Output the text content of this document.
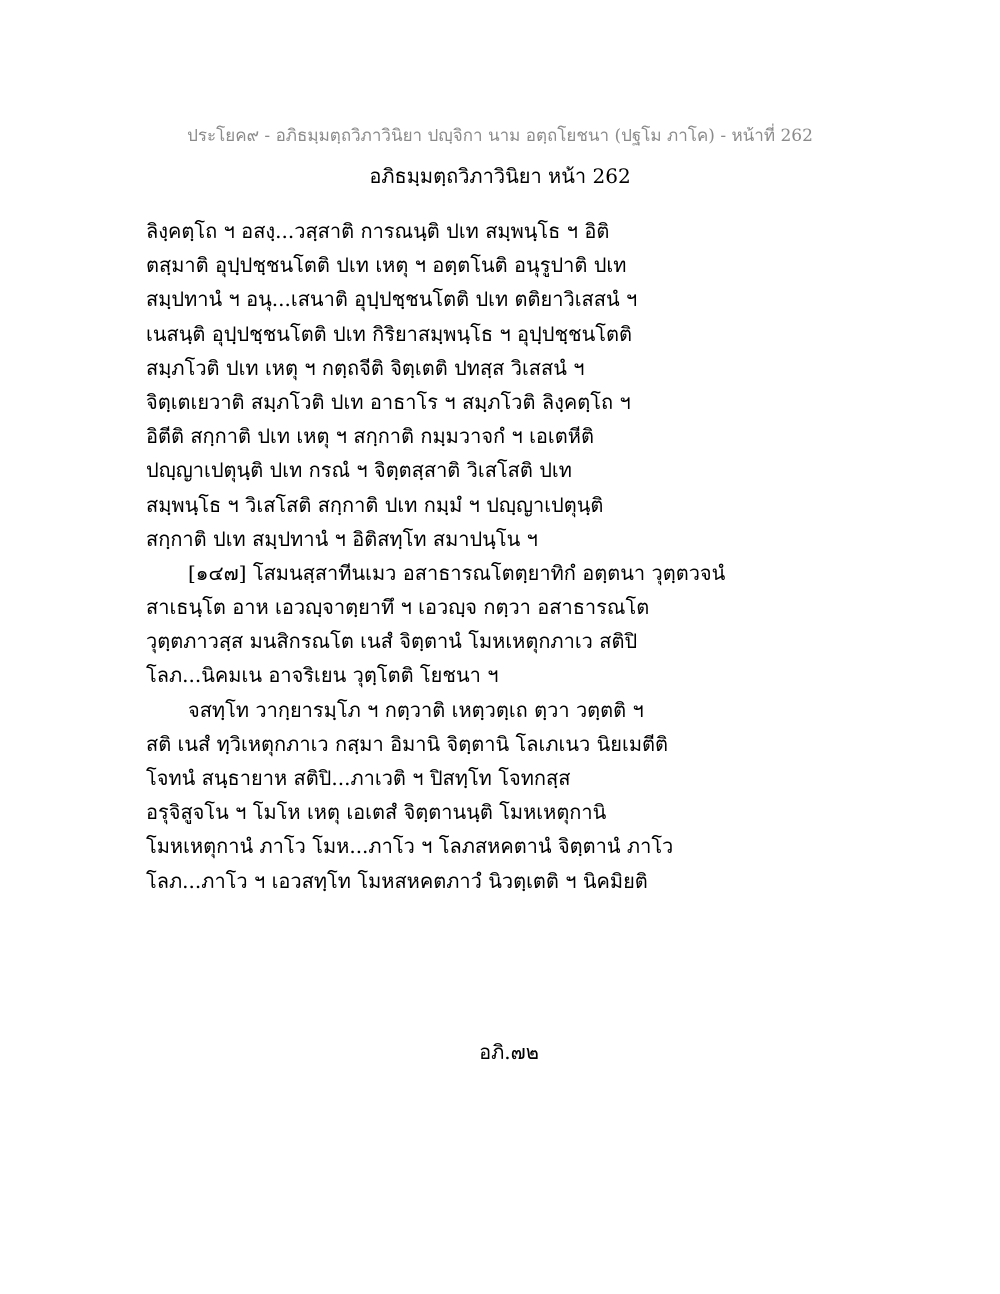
ประโยค๙ - อภิธมฺมตฺถวิภาวินิยา ปญฺจิกา นาม อตฺถโยชนา (ปฐโม ภาโค) - หน้าที่ 262
อภิธมฺมตฺถวิภาวินิยา หน้า 262
ลิงฺคตฺโถ ฯ อสงฺ...วสฺสาติ การณนฺติ ปเท สมฺพนฺโธ ฯ อิติ
ตสฺมาติ อุปฺปชฺชนโตติ ปเท เหตุ ฯ อตฺตโนติ อนุรูปาติ ปเท
สมฺปทานํ ฯ อนุ...เสนาติ อุปฺปชฺชนโตติ ปเท ตติยาวิเสสนํ ฯ
เนสนฺติ อุปฺปชฺชนโตติ ปเท กิริยาสมฺพนฺโธ ฯ อุปฺปชฺชนโตติ
สมฺภโวติ ปเท เหตุ ฯ กตฺถจีติ จิตฺเตติ ปทสฺส วิเสสนํ ฯ
จิตฺเตเยวาติ สมฺภโวติ ปเท อาธาโร ฯ สมฺภโวติ ลิงฺคตฺโถ ฯ
อิตีติ สกฺกาติ ปเท เหตุ ฯ สกฺกาติ กมฺมวาจกํ ฯ เอเตหีติ
ปญฺญาเปตุนฺติ ปเท กรณํ ฯ จิตฺตสฺสาติ วิเสโสติ ปเท
สมฺพนฺโธ ฯ วิเสโสติ สกฺกาติ ปเท กมฺมํ ฯ ปญฺญาเปตุนฺติ
สกฺกาติ ปเท สมฺปทานํ ฯ อิติสทฺโท สมาปนฺโน ฯ
[๑๔๗] โสมนสฺสาทีนเมว อสาธารณโตตฺยาทิกํ อตฺตนา วุตฺตวจนํ
สาเธนฺโต อาห เอวญฺจาตฺยาทึ ฯ เอวญฺจ กตฺวา อสาธารณโต
วุตฺตภาวสฺส มนสิกรณโต เนสํ จิตฺตานํ โมหเหตุกภาเว สติปิ
โลภ...นิคมเน อาจริเยน วุตฺโตติ โยชนา ฯ
จสทฺโท วากฺยารมฺโภ ฯ กตฺวาติ เหตฺวตฺเถ ตฺวา วตฺตติ ฯ
สติ เนสํ ทฺวิเหตุกภาเว กสฺมา อิมานิ จิตฺตานิ โลเภเนว นิยเมตีติ
โจทนํ สนฺธายาห สติปิ...ภาเวติ ฯ ปิสทฺโท โจทกสฺส
อรุจิสูจโน ฯ โมโห เหตุ เอเตสํ จิตฺตานนฺติ โมหเหตุกานิ
โมหเหตุกานํ ภาโว โมห...ภาโว ฯ โลภสหคตานํ จิตฺตานํ ภาโว
โลภ...ภาโว ฯ เอวสทฺโท โมหสหคตภาวํ นิวตฺเตติ ฯ นิคมิยติ
อภิ.๗๒
